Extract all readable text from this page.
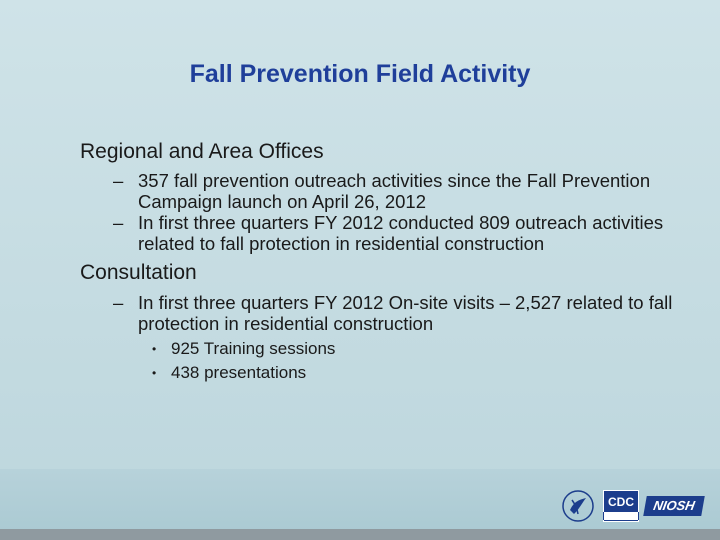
Fall Prevention Field Activity

Regional and Area Offices

– 357 fall prevention outreach activities since the Fall Prevention Campaign launch on April 26, 2012
– In first three quarters FY 2012 conducted 809 outreach activities related to fall protection in residential construction

Consultation

– In first three quarters FY 2012 On-site visits – 2,527 related to fall protection in residential construction
• 925 Training sessions
• 438 presentations
CDC	NIOSH
